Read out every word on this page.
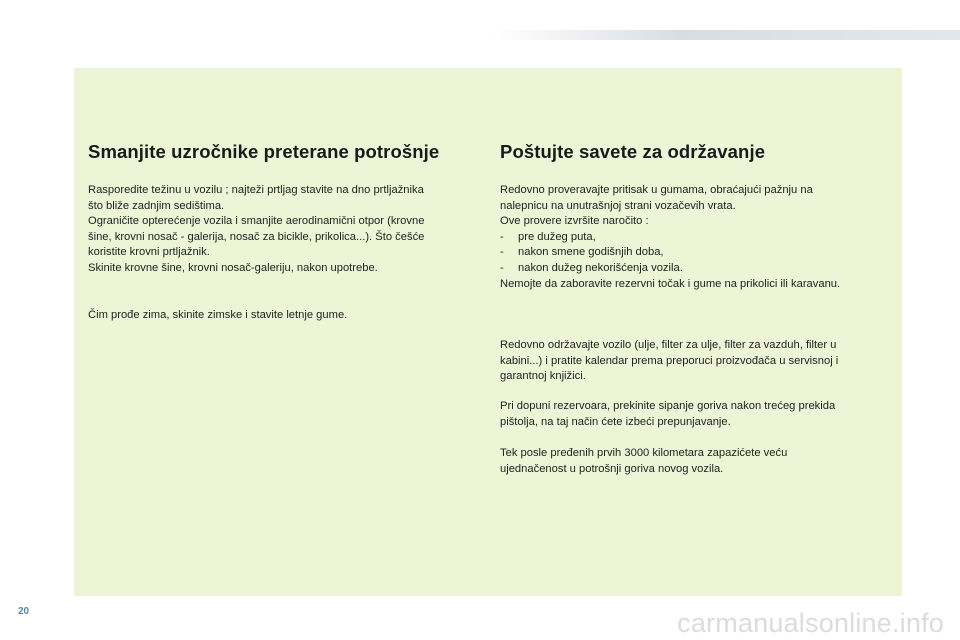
Smanjite uzročnike preterane potrošnje

Rasporedite težinu u vozilu ; najteži prtljag stavite na dno prtljažnika
što bliže zadnjim sedištima.
Ograničite opterećenje vozila i smanjite aerodinamični otpor (krovne
šine, krovni nosač - galerija, nosač za bicikle, prikolica...). Što češće
koristite krovni prtljažnik.
Skinite krovne šine, krovni nosač-galeriju, nakon upotrebe.

Čim prođe zima, skinite zimske i stavite letnje gume.

Poštujte savete za održavanje

Redovno proveravajte pritisak u gumama, obraćajući pažnju na
nalepnicu na unutrašnjoj strani vozačevih vrata.
Ove provere izvršite naročito :

-	pre dužeg puta,
-	nakon smene godišnjih doba,
-	nakon dužeg nekorišćenja vozila.

Nemojte da zaboravite rezervni točak i gume na prikolici ili karavanu.

Redovno održavajte vozilo (ulje, filter za ulje, filter za vazduh, filter u
kabini...) i pratite kalendar prema preporuci proizvođača u servisnoj i
garantnoj knjižici.

Pri dopuni rezervoara, prekinite sipanje goriva nakon trećeg prekida
pištolja, na taj način ćete izbeći prepunjavanje.

Tek posle pređenih prvih 3000 kilometara zapazićete veću
ujednačenost u potrošnji goriva novog vozila.

20	carmanualsonline.info
